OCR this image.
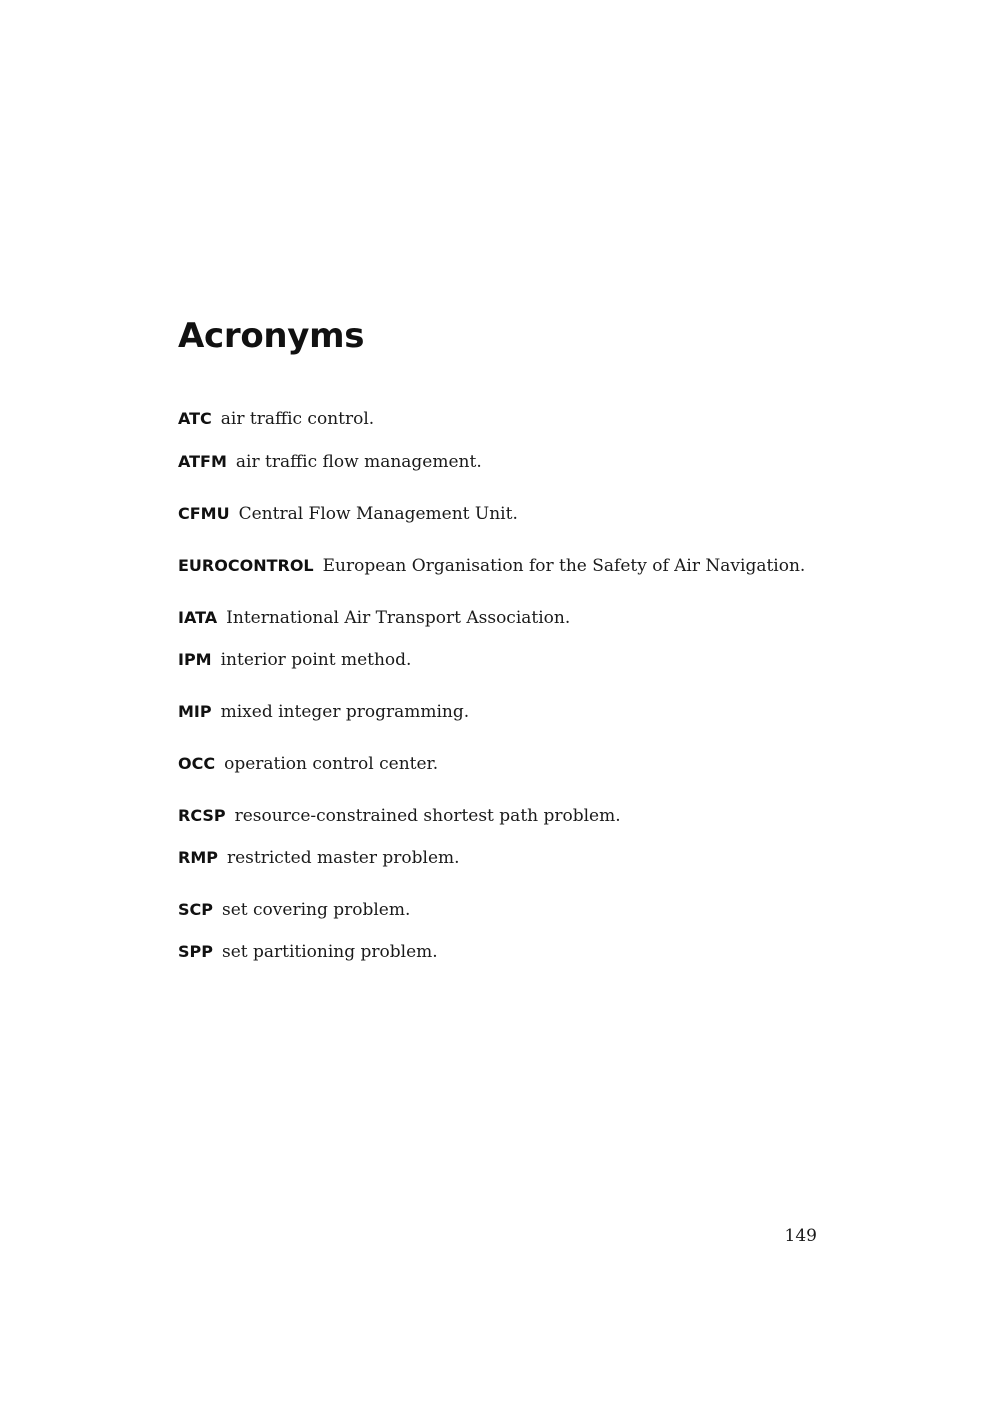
Acronyms
ATC air traffic control.
ATFM air traffic flow management.
CFMU Central Flow Management Unit.
EUROCONTROL European Organisation for the Safety of Air Navigation.
IATA International Air Transport Association.
IPM interior point method.
MIP mixed integer programming.
OCC operation control center.
RCSP resource-constrained shortest path problem.
RMP restricted master problem.
SCP set covering problem.
SPP set partitioning problem.
149
